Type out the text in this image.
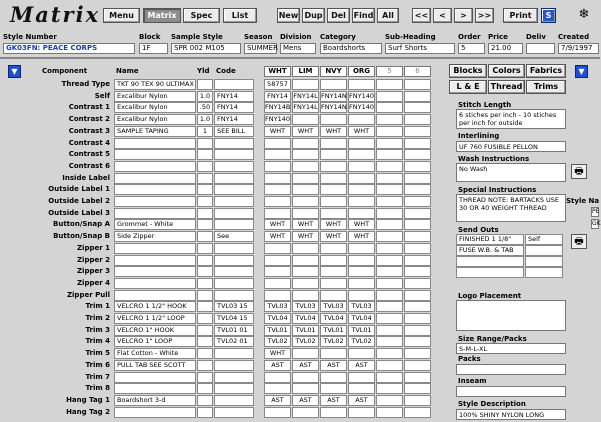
Matrix	Menu	Matrix	Spec	List	New Dup	Del Find	All	<<	<	>	>>	Print	S	❄
Style Number
GK03FN: PEACE CORPS
Block
1F
Sample Style
SPR 002 M105
Season
SUMMER
Division
Mens
Category
Boardshorts
Sub-Heading
Surf Shorts
Order
5
Price
21.00
Deliv Created
7/9/1997
▼	▼
Component	Name	Yld Code	WHT	LIM	NVY	ORG	5	6
Thread Type	TKT 90 TEX 90 ULTIMAX	58757
Self	Excalibur Nylon	1.0	FNY14	FNY14 FNY14L FNY14N FNY140
Contrast 1	Excalibur Nylon	.50	FNY14	FNY14B FNY14L FNY14N FNY140
Contrast 2	Excalibur Nylon	1.0	FNY14	FNY140
Contrast 3	SAMPLE TAPING	1	SEE BILL	WHT	WHT	WHT	WHT
Contrast 4
Contrast 5
Contrast 6
Inside Label
Outside Label 1
Outside Label 2
Outside Label 3
Button/Snap A	Grommet - White	WHT	WHT	WHT	WHT
Button/Snap B	Side Zipper	See	WHT	WHT	WHT	WHT
Zipper 1
Zipper 2
Zipper 3
Zipper 4
Zipper Pull
Trim 1	VELCRO 1 1/2" HOOK	TVL03 15	TVL03	TVL03	TVL03	TVL03
Trim 2	VELCRO 1 1/2" LOOP	TVL04 15	TVL04	TVL04	TVL04	TVL04
Trim 3	VELCRO 1" HOOK	TVL01 01	TVL01	TVL01	TVL01	TVL01
Trim 4	VELCRO 1" LOOP	TVL02 01	TVL02	TVL02	TVL02	TVL02
Trim 5	Flat Cotton - White	WHT
Trim 6	PULL TAB SEE SCOTT	AST	AST	AST	AST
Trim 7
Trim 8
Hang Tag 1	Boardshort 3-d	AST	AST	AST	AST
Hang Tag 2
Blocks	Colors	Fabrics
L & E	Thread	Trims
Stitch Length
6 stiches per inch - 10 stiches per inch for outside
Interlining
UF 760 FUSIBLE PELLON
Wash Instructions
No Wash	🖶
Special Instructions
THREAD NOTE: BARTACKS USE 30 OR 40 WEIGHT THREAD
Send Outs
🖶
FINISHED 1 1/8"	Self
FUSE W.B. & TAB
Logo Placement
Size Range/Packs
S-M-L-XL
Packs
Inseam
Style Description
100% SHINY NYLON LONG
Style Na
PE
GK
